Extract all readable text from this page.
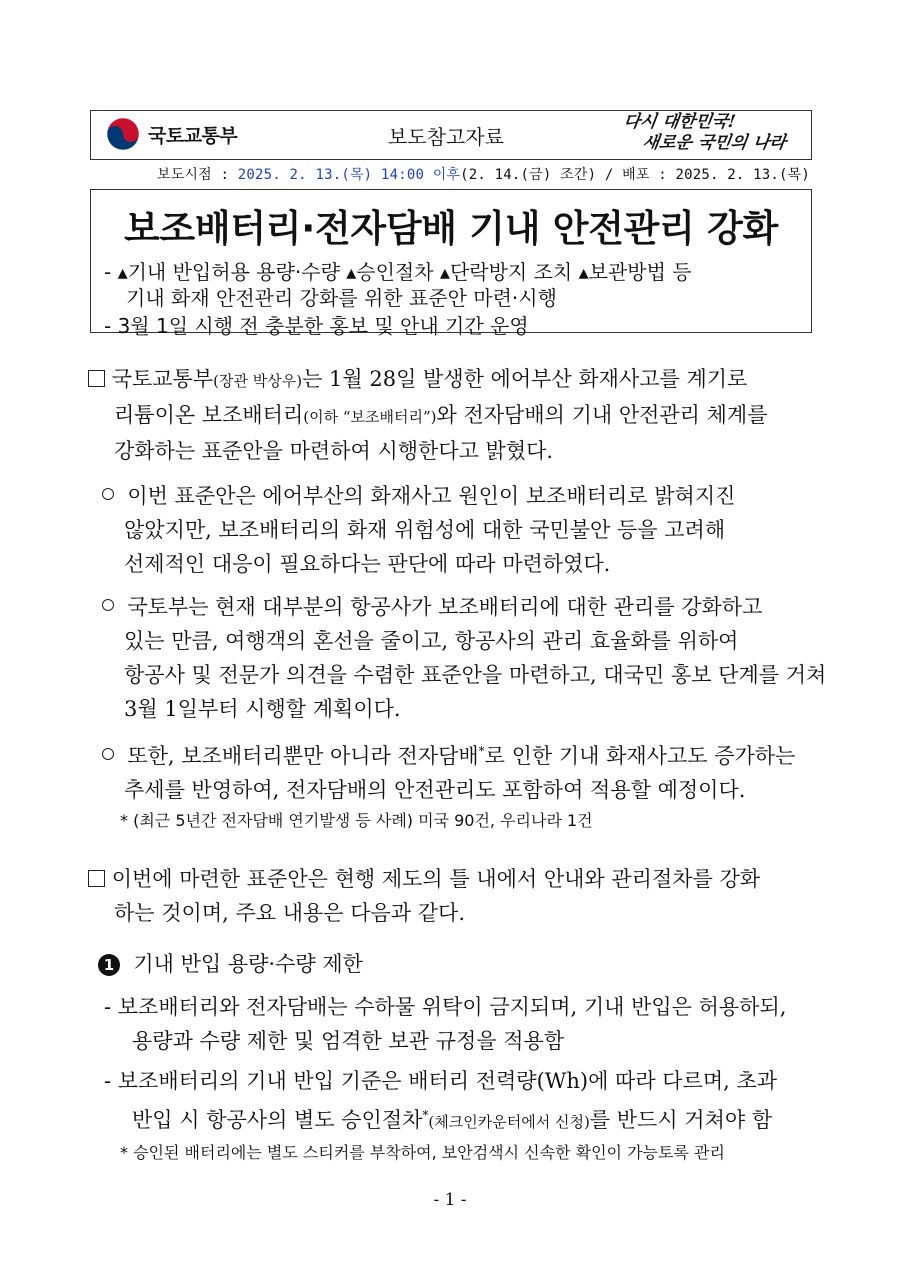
국토교통부	보도참고자료
다시 대한민국!
새로운 국민의 나라
보도시점 : 2025. 2. 13.(목) 14:00 이후(2. 14.(금) 조간) / 배포 : 2025. 2. 13.(목)
보조배터리·전자담배 기내 안전관리 강화
- ▴기내 반입허용 용량·수량 ▴승인절차 ▴단락방지 조치 ▴보관방법 등
기내 화재 안전관리 강화를 위한 표준안 마련·시행
- 3월 1일 시행 전 충분한 홍보 및 안내 기간 운영
국토교통부(장관 박상우)는 1월 28일 발생한 에어부산 화재사고를 계기로
리튬이온 보조배터리(이하 “보조배터리”)와 전자담배의 기내 안전관리 체계를
강화하는 표준안을 마련하여 시행한다고 밝혔다.
이번 표준안은 에어부산의 화재사고 원인이 보조배터리로 밝혀지진
않았지만, 보조배터리의 화재 위험성에 대한 국민불안 등을 고려해
선제적인 대응이 필요하다는 판단에 따라 마련하였다.
국토부는 현재 대부분의 항공사가 보조배터리에 대한 관리를 강화하고
있는 만큼, 여행객의 혼선을 줄이고, 항공사의 관리 효율화를 위하여
항공사 및 전문가 의견을 수렴한 표준안을 마련하고, 대국민 홍보 단계를 거쳐
3월 1일부터 시행할 계획이다.
또한, 보조배터리뿐만 아니라 전자담배*로 인한 기내 화재사고도 증가하는
추세를 반영하여, 전자담배의 안전관리도 포함하여 적용할 예정이다.
* (최근 5년간 전자담배 연기발생 등 사례) 미국 90건, 우리나라 1건
이번에 마련한 표준안은 현행 제도의 틀 내에서 안내와 관리절차를 강화
하는 것이며, 주요 내용은 다음과 같다.
1 기내 반입 용량·수량 제한
- 보조배터리와 전자담배는 수하물 위탁이 금지되며, 기내 반입은 허용하되,
용량과 수량 제한 및 엄격한 보관 규정을 적용함
- 보조배터리의 기내 반입 기준은 배터리 전력량(Wh)에 따라 다르며, 초과
반입 시 항공사의 별도 승인절차*(체크인카운터에서 신청)를 반드시 거쳐야 함
* 승인된 배터리에는 별도 스티커를 부착하여, 보안검색시 신속한 확인이 가능토록 관리
- 1 -
